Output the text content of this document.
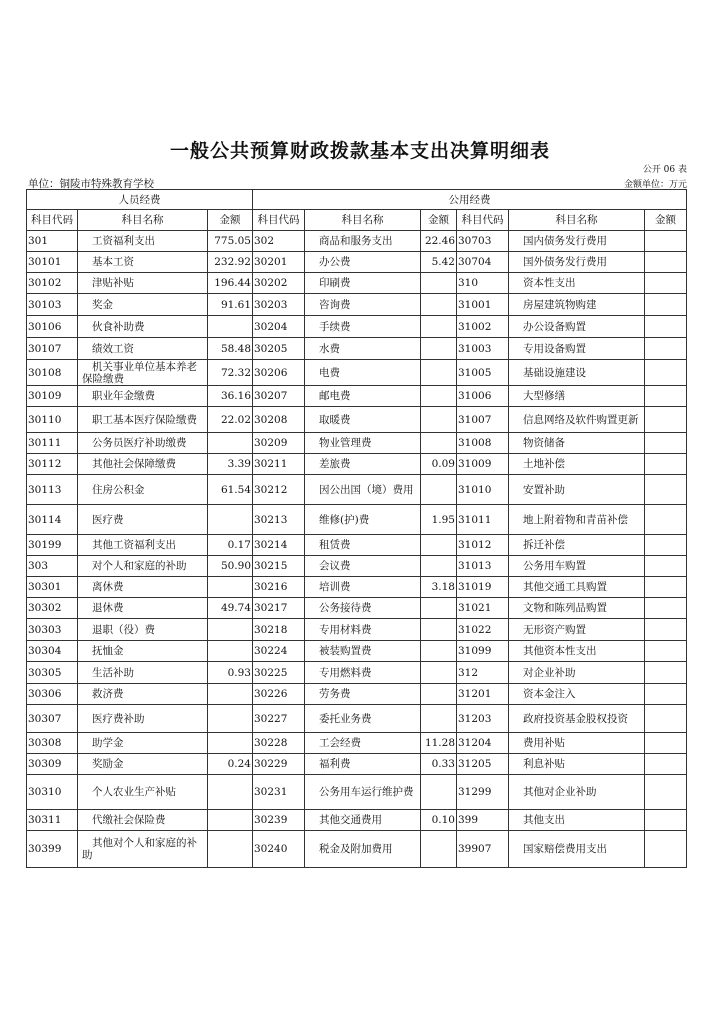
一般公共预算财政拨款基本支出决算明细表
公开 06 表
单位：铜陵市特殊教育学校	金额单位：万元
人员经费			公用经费					
科目代码	科目名称	金额	科目代码	科目名称	金额	科目代码	科目名称	金额
301	工资福利支出	775.05	302	商品和服务支出	22.46	30703	国内债务发行费用	
30101	基本工资	232.92	30201	办公费	5.42	30704	国外债务发行费用	
30102	津贴补贴	196.44	30202	印刷费		310	资本性支出	
30103	奖金	91.61	30203	咨询费		31001	房屋建筑物购建	
30106	伙食补助费		30204	手续费		31002	办公设备购置	
30107	绩效工资	58.48	30205	水费		31003	专用设备购置	
30108	机关事业单位基本养老保险缴费	72.32	30206	电费		31005	基础设施建设	
30109	职业年金缴费	36.16	30207	邮电费		31006	大型修缮	
30110	职工基本医疗保险缴费	22.02	30208	取暖费		31007	信息网络及软件购置更新	
30111	公务员医疗补助缴费		30209	物业管理费		31008	物资储备	
30112	其他社会保障缴费	3.39	30211	差旅费	0.09	31009	土地补偿	
30113	住房公积金	61.54	30212	因公出国（境）费用		31010	安置补助	
30114	医疗费		30213	维修(护)费	1.95	31011	地上附着物和青苗补偿	
30199	其他工资福利支出	0.17	30214	租赁费		31012	拆迁补偿	
303	对个人和家庭的补助	50.90	30215	会议费		31013	公务用车购置	
30301	离休费		30216	培训费	3.18	31019	其他交通工具购置	
30302	退休费	49.74	30217	公务接待费		31021	文物和陈列品购置	
30303	退职（役）费		30218	专用材料费		31022	无形资产购置	
30304	抚恤金		30224	被装购置费		31099	其他资本性支出	
30305	生活补助	0.93	30225	专用燃料费		312	对企业补助	
30306	救济费		30226	劳务费		31201	资本金注入	
30307	医疗费补助		30227	委托业务费		31203	政府投资基金股权投资	
30308	助学金		30228	工会经费	11.28	31204	费用补贴	
30309	奖励金	0.24	30229	福利费	0.33	31205	利息补贴	
30310	个人农业生产补贴		30231	公务用车运行维护费		31299	其他对企业补助	
30311	代缴社会保险费		30239	其他交通费用	0.10	399	其他支出	
30399	其他对个人和家庭的补助		30240	税金及附加费用		39907	国家赔偿费用支出	
